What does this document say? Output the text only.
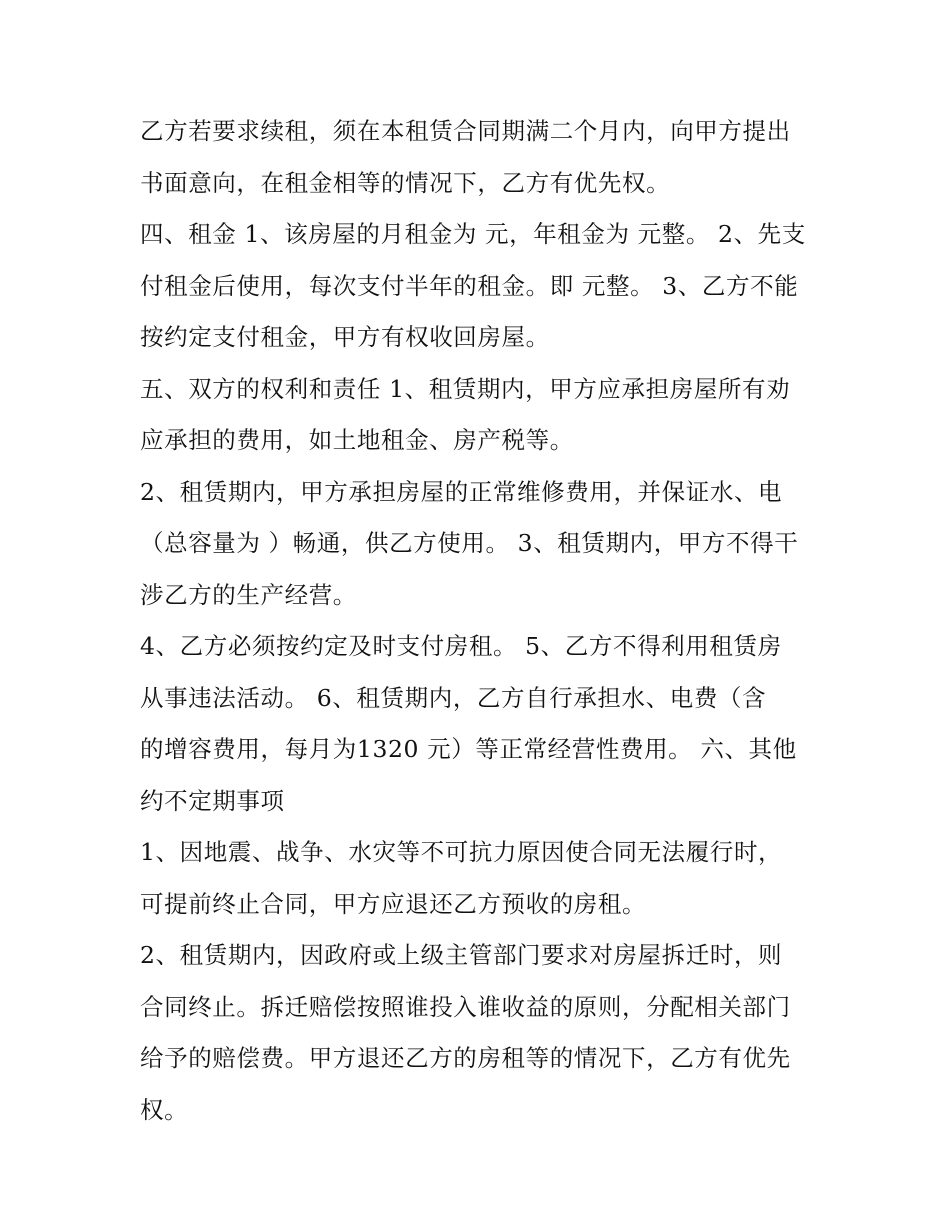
乙方若要求续租，须在本租赁合同期满二个月内，向甲方提出
书面意向，在租金相等的情况下，乙方有优先权。
四、租金 1、该房屋的月租金为 元，年租金为 元整。 2、先支
付租金后使用，每次支付半年的租金。即 元整。 3、乙方不能
按约定支付租金，甲方有权收回房屋。
五、双方的权利和责任 1、租赁期内，甲方应承担房屋所有劝
应承担的费用，如土地租金、房产税等。
2、租赁期内，甲方承担房屋的正常维修费用，并保证水、电
（总容量为 ）畅通，供乙方使用。 3、租赁期内，甲方不得干
涉乙方的生产经营。
4、乙方必须按约定及时支付房租。 5、乙方不得利用租赁房
从事违法活动。 6、租赁期内，乙方自行承担水、电费（含
的增容费用，每月为1320 元）等正常经营性费用。 六、其他
约不定期事项
1、因地震、战争、水灾等不可抗力原因使合同无法履行时，
可提前终止合同，甲方应退还乙方预收的房租。
2、租赁期内，因政府或上级主管部门要求对房屋拆迁时，则
合同终止。拆迁赔偿按照谁投入谁收益的原则，分配相关部门
给予的赔偿费。甲方退还乙方的房租等的情况下，乙方有优先
权。
